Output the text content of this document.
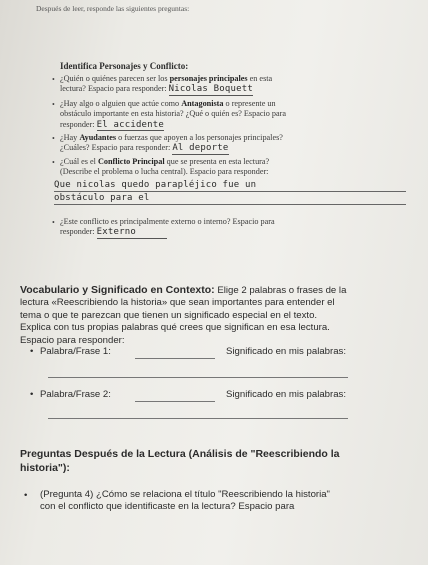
Después de leer, responde las siguientes preguntas:
Identifica Personajes y Conflicto:
• ¿Quién o quiénes parecen ser los personajes principales en esta
lectura? Espacio para responder: Nicolas Boquett
• ¿Hay algo o alguien que actúe como Antagonista o represente un
obstáculo importante en esta historia? ¿Qué o quién es? Espacio para
responder: El accidente
• ¿Hay Ayudantes o fuerzas que apoyen a los personajes principales?
¿Cuáles? Espacio para responder: Al deporte
• ¿Cuál es el Conflicto Principal que se presenta en esta lectura?
(Describe el problema o lucha central). Espacio para responder:
Que nicolas quedo parapléjico fue un
obstáculo para el
• ¿Este conflicto es principalmente externo o interno? Espacio para
responder: Externo
Vocabulario y Significado en Contexto: Elige 2 palabras o frases de la
lectura «Reescribiendo la historia» que sean importantes para entender el
tema o que te parezcan que tienen un significado especial en el texto.
Explica con tus propias palabras qué crees que significan en esa lectura.
Espacio para responder:
• Palabra/Frase 1:	Significado en mis palabras:
• Palabra/Frase 2:	Significado en mis palabras:
Preguntas Después de la Lectura (Análisis de "Reescribiendo la
historia"):
• (Pregunta 4) ¿Cómo se relaciona el título "Reescribiendo la historia"
con el conflicto que identificaste en la lectura? Espacio para
